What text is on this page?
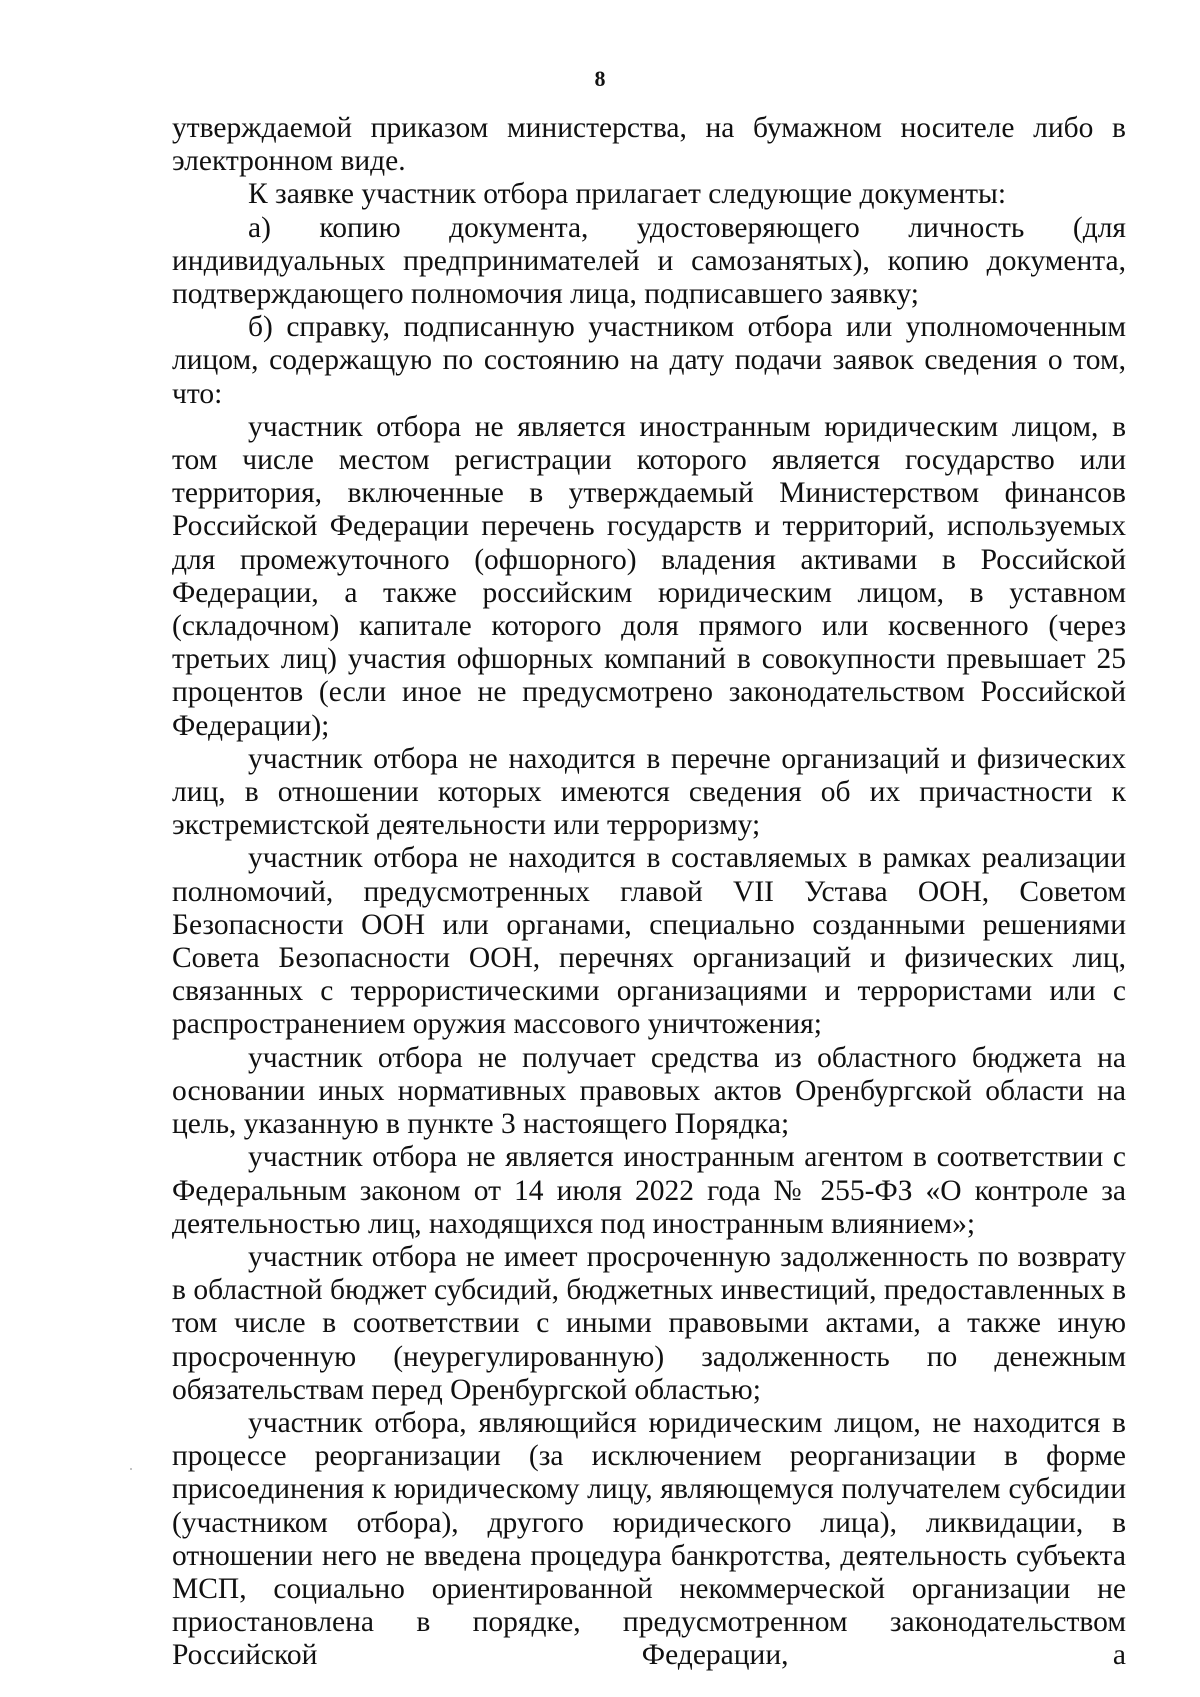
8

утверждаемой приказом министерства, на бумажном носителе либо в электронном виде.

К заявке участник отбора прилагает следующие документы:

а) копию документа, удостоверяющего личность (для индивидуальных предпринимателей и самозанятых), копию документа, подтверждающего полномочия лица, подписавшего заявку;

б) справку, подписанную участником отбора или уполномоченным лицом, содержащую по состоянию на дату подачи заявок сведения о том, что:

участник отбора не является иностранным юридическим лицом, в том числе местом регистрации которого является государство или территория, включенные в утверждаемый Министерством финансов Российской Федерации перечень государств и территорий, используемых для промежуточного (офшорного) владения активами в Российской Федерации, а также российским юридическим лицом, в уставном (складочном) капитале которого доля прямого или косвенного (через третьих лиц) участия офшорных компаний в совокупности превышает 25 процентов (если иное не предусмотрено законодательством Российской Федерации);

участник отбора не находится в перечне организаций и физических лиц, в отношении которых имеются сведения об их причастности к экстремистской деятельности или терроризму;

участник отбора не находится в составляемых в рамках реализации полномочий, предусмотренных главой VII Устава ООН, Советом Безопасности ООН или органами, специально созданными решениями Совета Безопасности ООН, перечнях организаций и физических лиц, связанных с террористическими организациями и террористами или с распространением оружия массового уничтожения;

участник отбора не получает средства из областного бюджета на основании иных нормативных правовых актов Оренбургской области на цель, указанную в пункте 3 настоящего Порядка;

участник отбора не является иностранным агентом в соответствии с Федеральным законом от 14 июля 2022 года № 255-ФЗ «О контроле за деятельностью лиц, находящихся под иностранным влиянием»;

участник отбора не имеет просроченную задолженность по возврату в областной бюджет субсидий, бюджетных инвестиций, предоставленных в том числе в соответствии с иными правовыми актами, а также иную просроченную (неурегулированную) задолженность по денежным обязательствам перед Оренбургской областью;

участник отбора, являющийся юридическим лицом, не находится в процессе реорганизации (за исключением реорганизации в форме присоединения к юридическому лицу, являющемуся получателем субсидии (участником отбора), другого юридического лица), ликвидации, в отношении него не введена процедура банкротства, деятельность субъекта МСП, социально ориентированной некоммерческой организации не приостановлена в порядке, предусмотренном законодательством Российской Федерации, а
